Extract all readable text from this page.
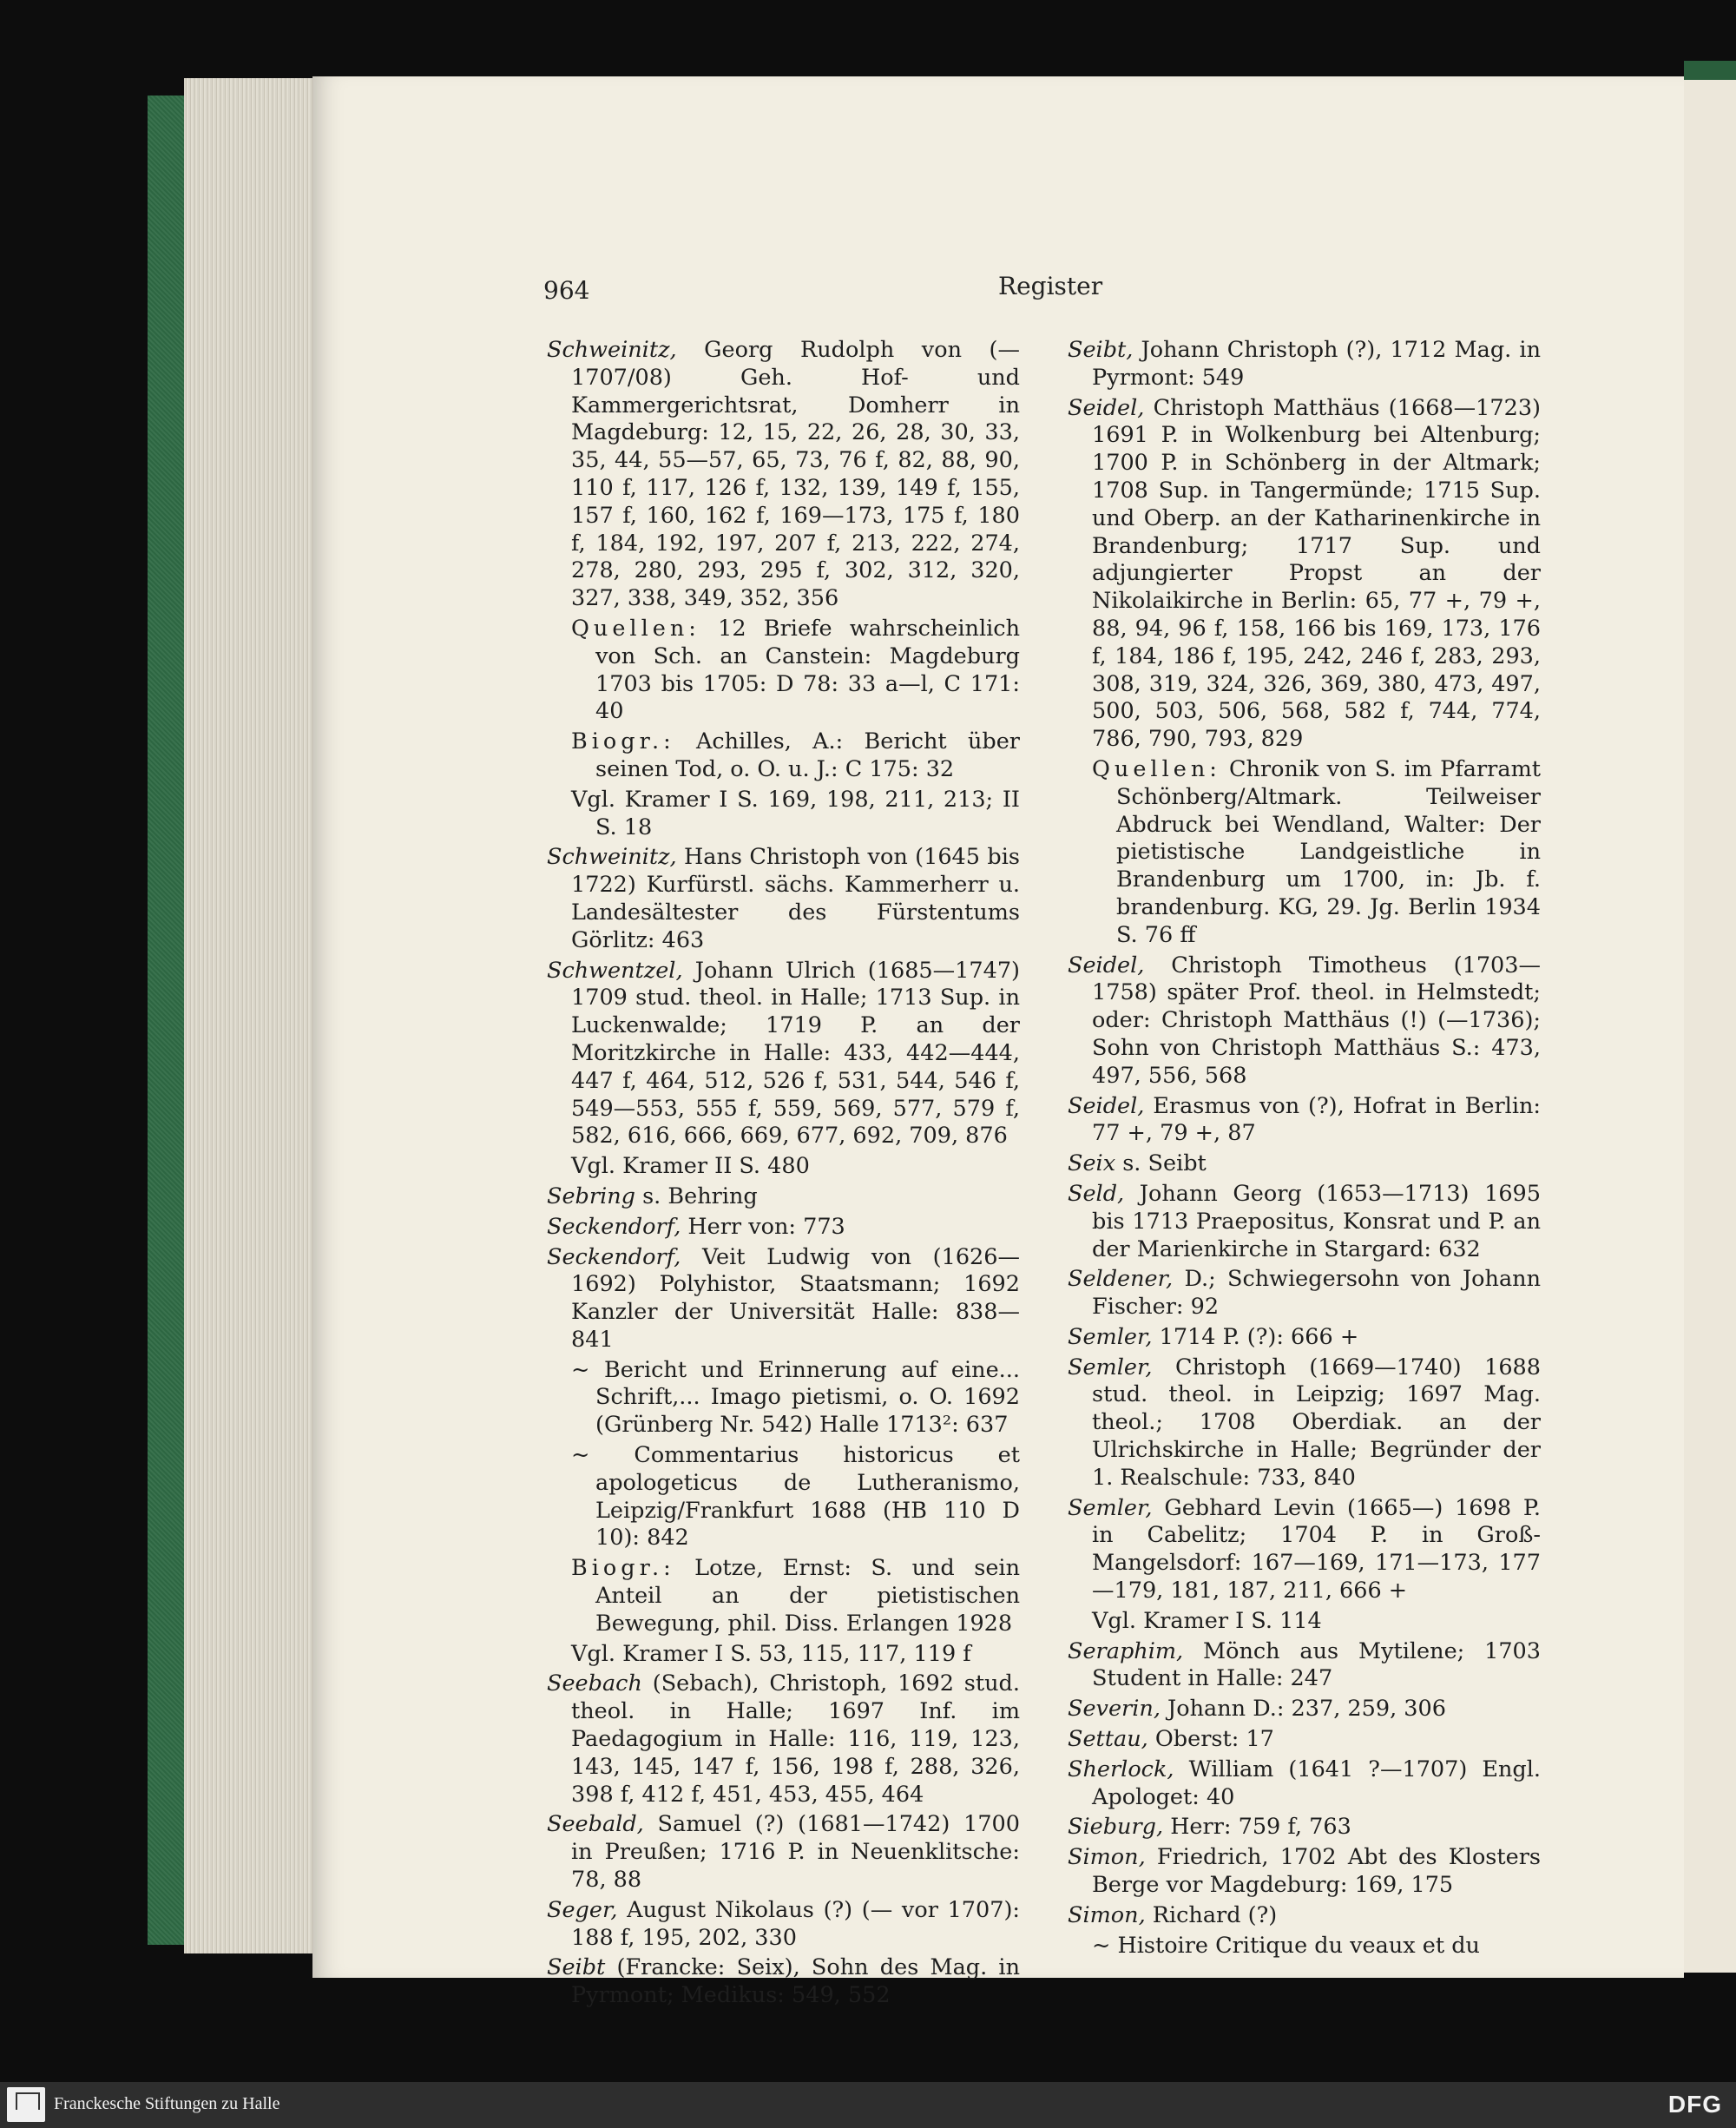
964	Register

Schweinitz, Georg Rudolph von (—1707/08) Geh. Hof- und Kammergerichtsrat, Domherr in Magdeburg: 12, 15, 22, 26, 28, 30, 33, 35, 44, 55—57, 65, 73, 76 f, 82, 88, 90, 110 f, 117, 126 f, 132, 139, 149 f, 155, 157 f, 160, 162 f, 169—173, 175 f, 180 f, 184, 192, 197, 207 f, 213, 222, 274, 278, 280, 293, 295 f, 302, 312, 320, 327, 338, 349, 352, 356

Quellen: 12 Briefe wahrscheinlich von Sch. an Canstein: Magdeburg 1703 bis 1705: D 78: 33 a—l, C 171: 40

Biogr.: Achilles, A.: Bericht über seinen Tod, o. O. u. J.: C 175: 32

Vgl. Kramer I S. 169, 198, 211, 213; II S. 18

Schweinitz, Hans Christoph von (1645 bis 1722) Kurfürstl. sächs. Kammerherr u. Landesältester des Fürstentums Görlitz: 463

Schwentzel, Johann Ulrich (1685—1747) 1709 stud. theol. in Halle; 1713 Sup. in Luckenwalde; 1719 P. an der Moritzkirche in Halle: 433, 442—444, 447 f, 464, 512, 526 f, 531, 544, 546 f, 549—553, 555 f, 559, 569, 577, 579 f, 582, 616, 666, 669, 677, 692, 709, 876

Vgl. Kramer II S. 480

Sebring s. Behring

Seckendorf, Herr von: 773

Seckendorf, Veit Ludwig von (1626—1692) Polyhistor, Staatsmann; 1692 Kanzler der Universität Halle: 838—841

~ Bericht und Erinnerung auf eine... Schrift,... Imago pietismi, o. O. 1692 (Grünberg Nr. 542) Halle 1713²: 637

~ Commentarius historicus et apologeticus de Lutheranismo, Leipzig/Frankfurt 1688 (HB 110 D 10): 842

Biogr.: Lotze, Ernst: S. und sein Anteil an der pietistischen Bewegung, phil. Diss. Erlangen 1928

Vgl. Kramer I S. 53, 115, 117, 119 f

Seebach (Sebach), Christoph, 1692 stud. theol. in Halle; 1697 Inf. im Paedagogium in Halle: 116, 119, 123, 143, 145, 147 f, 156, 198 f, 288, 326, 398 f, 412 f, 451, 453, 455, 464

Seebald, Samuel (?) (1681—1742) 1700 in Preußen; 1716 P. in Neuenklitsche: 78, 88

Seger, August Nikolaus (?) (— vor 1707): 188 f, 195, 202, 330

Seibt (Francke: Seix), Sohn des Mag. in Pyrmont; Medikus: 549, 552

Seibt, Johann Christoph (?), 1712 Mag. in Pyrmont: 549

Seidel, Christoph Matthäus (1668—1723) 1691 P. in Wolkenburg bei Altenburg; 1700 P. in Schönberg in der Altmark; 1708 Sup. in Tangermünde; 1715 Sup. und Oberp. an der Katharinenkirche in Brandenburg; 1717 Sup. und adjungierter Propst an der Nikolaikirche in Berlin: 65, 77 +, 79 +, 88, 94, 96 f, 158, 166 bis 169, 173, 176 f, 184, 186 f, 195, 242, 246 f, 283, 293, 308, 319, 324, 326, 369, 380, 473, 497, 500, 503, 506, 568, 582 f, 744, 774, 786, 790, 793, 829

Quellen: Chronik von S. im Pfarramt Schönberg/Altmark. Teilweiser Abdruck bei Wendland, Walter: Der pietistische Landgeistliche in Brandenburg um 1700, in: Jb. f. brandenburg. KG, 29. Jg. Berlin 1934 S. 76 ff

Seidel, Christoph Timotheus (1703—1758) später Prof. theol. in Helmstedt; oder: Christoph Matthäus (!) (—1736); Sohn von Christoph Matthäus S.: 473, 497, 556, 568

Seidel, Erasmus von (?), Hofrat in Berlin: 77 +, 79 +, 87

Seix s. Seibt

Seld, Johann Georg (1653—1713) 1695 bis 1713 Praepositus, Konsrat und P. an der Marienkirche in Stargard: 632

Seldener, D.; Schwiegersohn von Johann Fischer: 92

Semler, 1714 P. (?): 666 +

Semler, Christoph (1669—1740) 1688 stud. theol. in Leipzig; 1697 Mag. theol.; 1708 Oberdiak. an der Ulrichskirche in Halle; Begründer der 1. Realschule: 733, 840

Semler, Gebhard Levin (1665—) 1698 P. in Cabelitz; 1704 P. in Groß-Mangelsdorf: 167—169, 171—173, 177—179, 181, 187, 211, 666 +

Vgl. Kramer I S. 114

Seraphim, Mönch aus Mytilene; 1703 Student in Halle: 247

Severin, Johann D.: 237, 259, 306

Settau, Oberst: 17

Sherlock, William (1641 ?—1707) Engl. Apologet: 40

Sieburg, Herr: 759 f, 763

Simon, Friedrich, 1702 Abt des Klosters Berge vor Magdeburg: 169, 175

Simon, Richard (?)

~ Histoire Critique du veaux et du

Franckesche Stiftungen zu Halle	DFG
